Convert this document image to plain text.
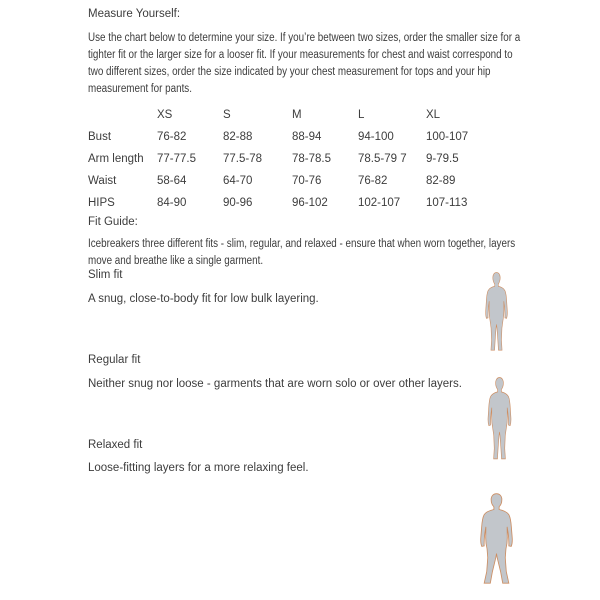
Measure Yourself:
Use the chart below to determine your size. If you’re between two sizes, order the smaller size for a tighter fit or the larger size for a looser fit. If your measurements for chest and waist correspond to two different sizes, order the size indicated by your chest measurement for tops and your hip measurement for pants.
XS	S	M	L	XL
Bust	76-82	82-88	88-94	94-100	100-107
Arm length	77-77.5	77.5-78	78-78.5	78.5-79 7	9-79.5
Waist	58-64	64-70	70-76	76-82	82-89
HIPS	84-90	90-96	96-102	102-107	107-113
Fit Guide:
Icebreakers three different fits - slim, regular, and relaxed - ensure that when worn together, layers move and breathe like a single garment.
Slim fit
A snug, close-to-body fit for low bulk layering.
Regular fit
Neither snug nor loose - garments that are worn solo or over other layers.
Relaxed fit
Loose-fitting layers for a more relaxing feel.
